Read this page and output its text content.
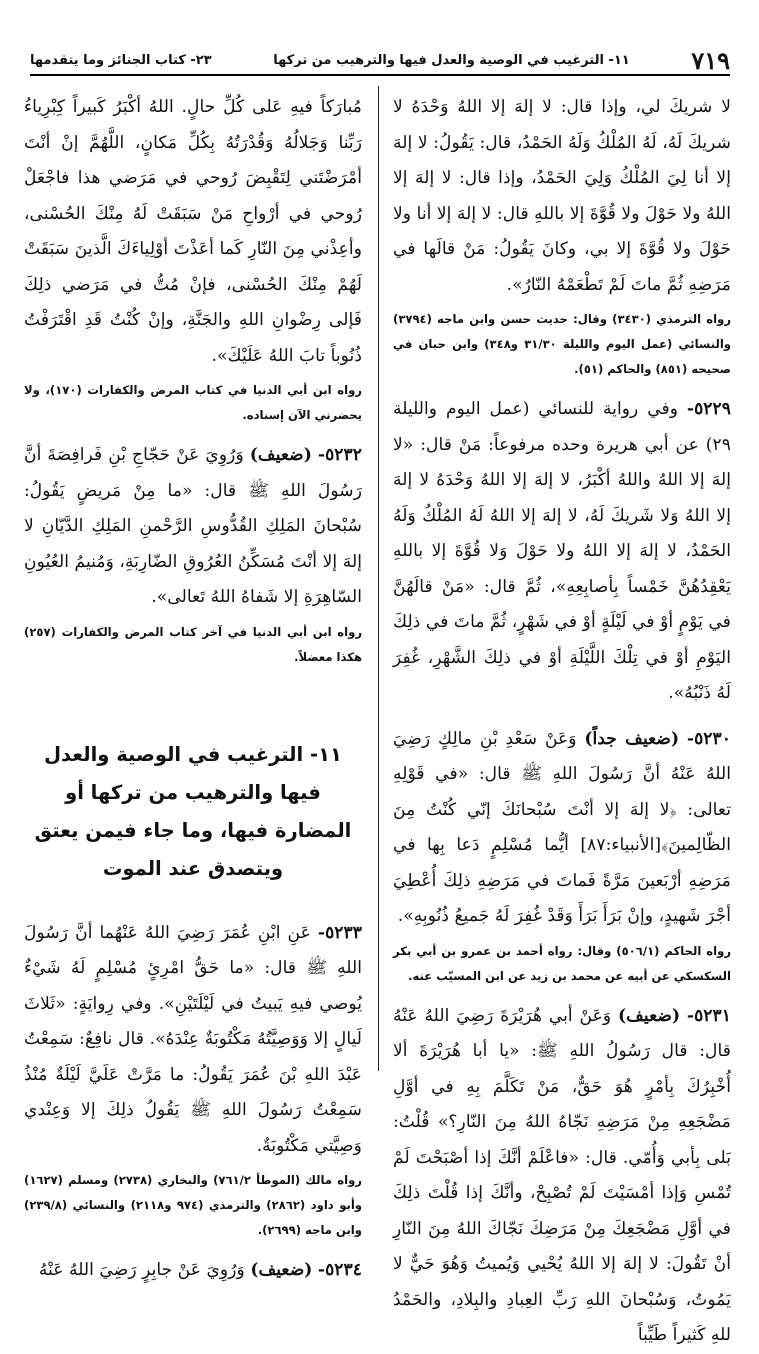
٧١٩
١١- الترغيب في الوصية والعدل فيها والترهيب من تركها
٢٣- كتاب الجنائز وما يتقدمها

لا شريكَ لي، وإذا قال: لا إلهَ إلا اللهُ وَحْدَهُ لا شريكَ لَهُ، لَهُ المُلْكُ وَلَهُ الحَمْدُ، قال: يَقُولُ: لا إلهَ إلا أنا لِيَ المُلْكُ وَلِيَ الحَمْدُ، وإذا قال: لا إلهَ إلا اللهُ ولا حَوْلَ ولا قُوَّةَ إلا باللهِ قال: لا إلهَ إلا أنا ولا حَوْلَ ولا قُوَّةَ إلا بي، وكانَ يَقُولُ: مَنْ قالَها في مَرَضِهِ ثُمَّ ماتَ لَمْ تَطْعَمْهُ النّارُ».

رواه الترمذي (٣٤٣٠) وقال: حديث حسن وابن ماجه (٣٧٩٤) والنسائي (عمل اليوم والليلة ٣١/٣٠ و٣٤٨) وابن حبان في صحيحه (٨٥١) والحاكم (٥١).

٥٢٢٩- وفي رواية للنسائي (عمل اليوم والليلة ٢٩) عن أبي هريرة وحده مرفوعاً: مَنْ قال: «لا إلهَ إلا اللهُ واللهُ أكْبَرُ، لا إلهَ إلا اللهُ وَحْدَهُ لا إلهَ إلا اللهُ وَلا شَريكَ لَهُ، لا إلهَ إلا اللهُ لَهُ المُلْكُ وَلَهُ الحَمْدُ، لا إلهَ إلا اللهُ ولا حَوْلَ وَلا قُوَّةَ إلا باللهِ يَعْقِدُهُنَّ خَمْساً بِأصابِعِهِ»، ثُمَّ قال: «مَنْ قالَهُنَّ في يَوْمٍ أوْ في لَيْلَةٍ أوْ في شَهْرٍ، ثُمَّ ماتَ في ذلِكَ اليَوْمِ أوْ في تِلْكَ اللَّيْلَةِ أوْ في ذلِكَ الشَّهْرِ، غُفِرَ لَهُ ذَنْبُهُ».

٥٢٣٠- (ضعيف جداً) وَعَنْ سَعْدِ بْنِ مالِكٍ رَضِيَ اللهُ عَنْهُ أنَّ رَسُولَ اللهِ ﷺ قال: «في قَوْلِهِ تعالى: ﴿لا إلهَ إلا أنْتَ سُبْحانَكَ إنّي كُنْتُ مِنَ الظّالِمينَ﴾[الأنبياء:٨٧] أيُّما مُسْلِمٍ دَعا بِها في مَرَضِهِ أرْبَعينَ مَرَّةً فَماتَ في مَرَضِهِ ذلِكَ أُعْطِيَ أجْرَ شَهيدٍ، وإنْ بَرَأَ بَرَأَ وَقَدْ غُفِرَ لَهُ جَميعُ ذُنُوبِهِ».

رواه الحاكم (٥٠٦/١) وقال: رواه أحمد بن عمرو بن أبي بكر السكسكي عن أبيه عن محمد بن زيد عن ابن المسيّب عنه.

٥٢٣١- (ضعيف) وَعَنْ أبي هُرَيْرَةَ رَضِيَ اللهُ عَنْهُ قال: قال رَسُولُ اللهِ ﷺ: «يا أبا هُرَيْرَةَ ألا أُخْبِرُكَ بِأمْرٍ هُوَ حَقٌّ، مَنْ تَكَلَّمَ بِهِ في أوَّلِ مَضْجَعِهِ مِنْ مَرَضِهِ نَجّاهُ اللهُ مِنَ النّارِ؟» قُلْتُ: بَلى بِأبي وَأُمّي. قال: «فاعْلَمْ أنَّكَ إذا أصْبَحْتَ لَمْ تُمْسِ وَإذا أمْسَيْتَ لَمْ تُصْبِحْ، وأنَّكَ إذا قُلْتَ ذلِكَ في أوَّلِ مَضْجَعِكَ مِنْ مَرَضِكَ نَجّاكَ اللهُ مِنَ النّارِ أنْ تَقُولَ: لا إلهَ إلا اللهُ يُحْيي وَيُميتُ وَهُوَ حَيٌّ لا يَمُوتُ، وَسُبْحانَ اللهِ رَبِّ العِبادِ والبِلادِ، والحَمْدُ للهِ كَثيراً طَيِّباً

مُبارَكاً فيهِ عَلى كُلِّ حالٍ. اللهُ أكْبَرُ كَبيراً كِبْرِياءُ رَبِّنا وَجَلالُهُ وَقُدْرَتُهُ بِكُلِّ مَكانٍ، اللَّهُمَّ إنْ أنْتَ أمْرَضْتَني لِتَقْبِضَ رُوحي في مَرَضي هذا فاجْعَلْ رُوحي في أرْواحِ مَنْ سَبَقَتْ لَهُ مِنْكَ الحُسْنى، وأعِذْني مِنَ النّارِ كَما أعَذْتَ أوْلِياءَكَ الَّذينَ سَبَقَتْ لَهُمْ مِنْكَ الحُسْنى، فإنْ مُتُّ في مَرَضي ذلِكَ فَإلى رِضْوانِ اللهِ والجَنَّةِ، وإنْ كُنْتُ قَدِ اقْتَرَفْتُ ذُنُوباً تابَ اللهُ عَلَيْكَ».

رواه ابن أبي الدنيا في كتاب المرض والكفارات (١٧٠)، ولا يحضرني الآن إسناده.

٥٢٣٢- (ضعيف) وَرُوِيَ عَنْ حَجّاجِ بْنِ فَرافِصَةَ أنَّ رَسُولَ اللهِ ﷺ قال: «ما مِنْ مَريضٍ يَقُولُ: سُبْحانَ المَلِكِ القُدُّوسِ الرَّحْمنِ المَلِكِ الدَّيّانِ لا إلهَ إلا أنْتَ مُسَكِّنُ العُرُوقِ الضّارِبَةِ، وَمُنيمُ العُيُونِ السّاهِرَةِ إلا شَفاهُ اللهُ تَعالى».

رواه ابن أبي الدنيا في آخر كتاب المرض والكفارات (٢٥٧) هكذا معضلاً.

١١- الترغيب في الوصية والعدل فيها والترهيب من تركها أو المضارة فيها، وما جاء فيمن يعتق ويتصدق عند الموت

٥٢٣٣- عَنِ ابْنِ عُمَرَ رَضِيَ اللهُ عَنْهُما أنَّ رَسُولَ اللهِ ﷺ قال: «ما حَقُّ امْرِئٍ مُسْلِمٍ لَهُ شَيْءٌ يُوصي فيهِ يَبيتُ في لَيْلَتَيْنِ». وفي رِوايَةٍ: «ثَلاثَ لَيالٍ إلا وَوَصِيَّتُهُ مَكْتُوبَةٌ عِنْدَهُ». قال نافِعٌ: سَمِعْتُ عَبْدَ اللهِ بْنَ عُمَرَ يَقُولُ: ما مَرَّتْ عَلَيَّ لَيْلَةٌ مُنْذُ سَمِعْتُ رَسُولَ اللهِ ﷺ يَقُولُ ذلِكَ إلا وَعِنْدي وَصِيَّتي مَكْتُوبَةٌ.

رواه مالك (الموطأ ٧٦١/٢) والبخاري (٢٧٣٨) ومسلم (١٦٢٧) وأبو داود (٢٨٦٢) والترمذي (٩٧٤ و٢١١٨) والنسائي (٢٣٩/٨) وابن ماجه (٢٦٩٩).

٥٢٣٤- (ضعيف) وَرُوِيَ عَنْ جابِرٍ رَضِيَ اللهُ عَنْهُ
